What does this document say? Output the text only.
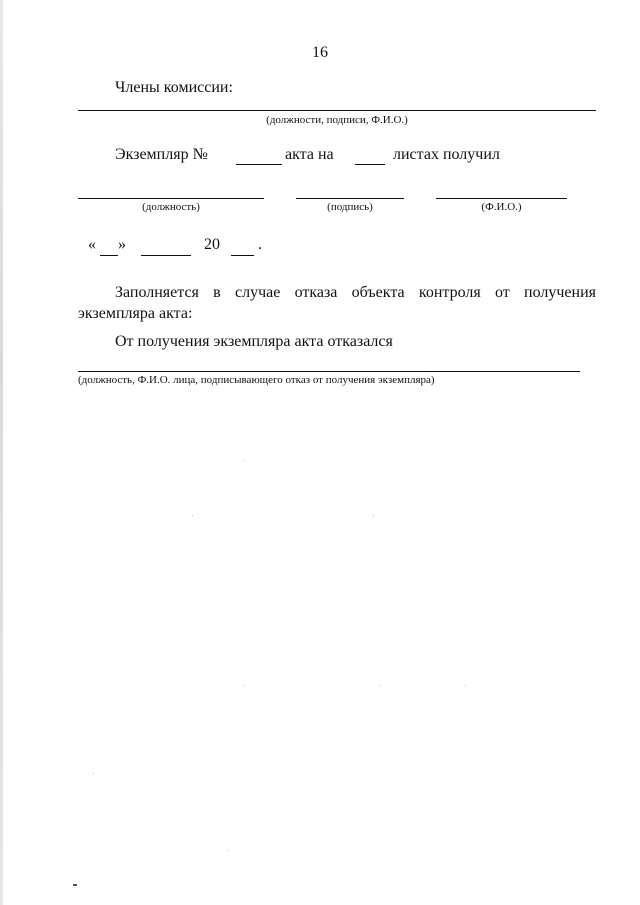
16
Члены комиссии:
(должности, подписи, Ф.И.О.)
Экземпляр №	акта на	листах получил
(должность)	(подпись)	(Ф.И.О.)
« »	20 .
Заполняется в случае отказа объекта контроля от получения экземпляра акта:
От получения экземпляра акта отказался
(должность, Ф.И.О. лица, подписывающего отказ от получения экземпляра)
